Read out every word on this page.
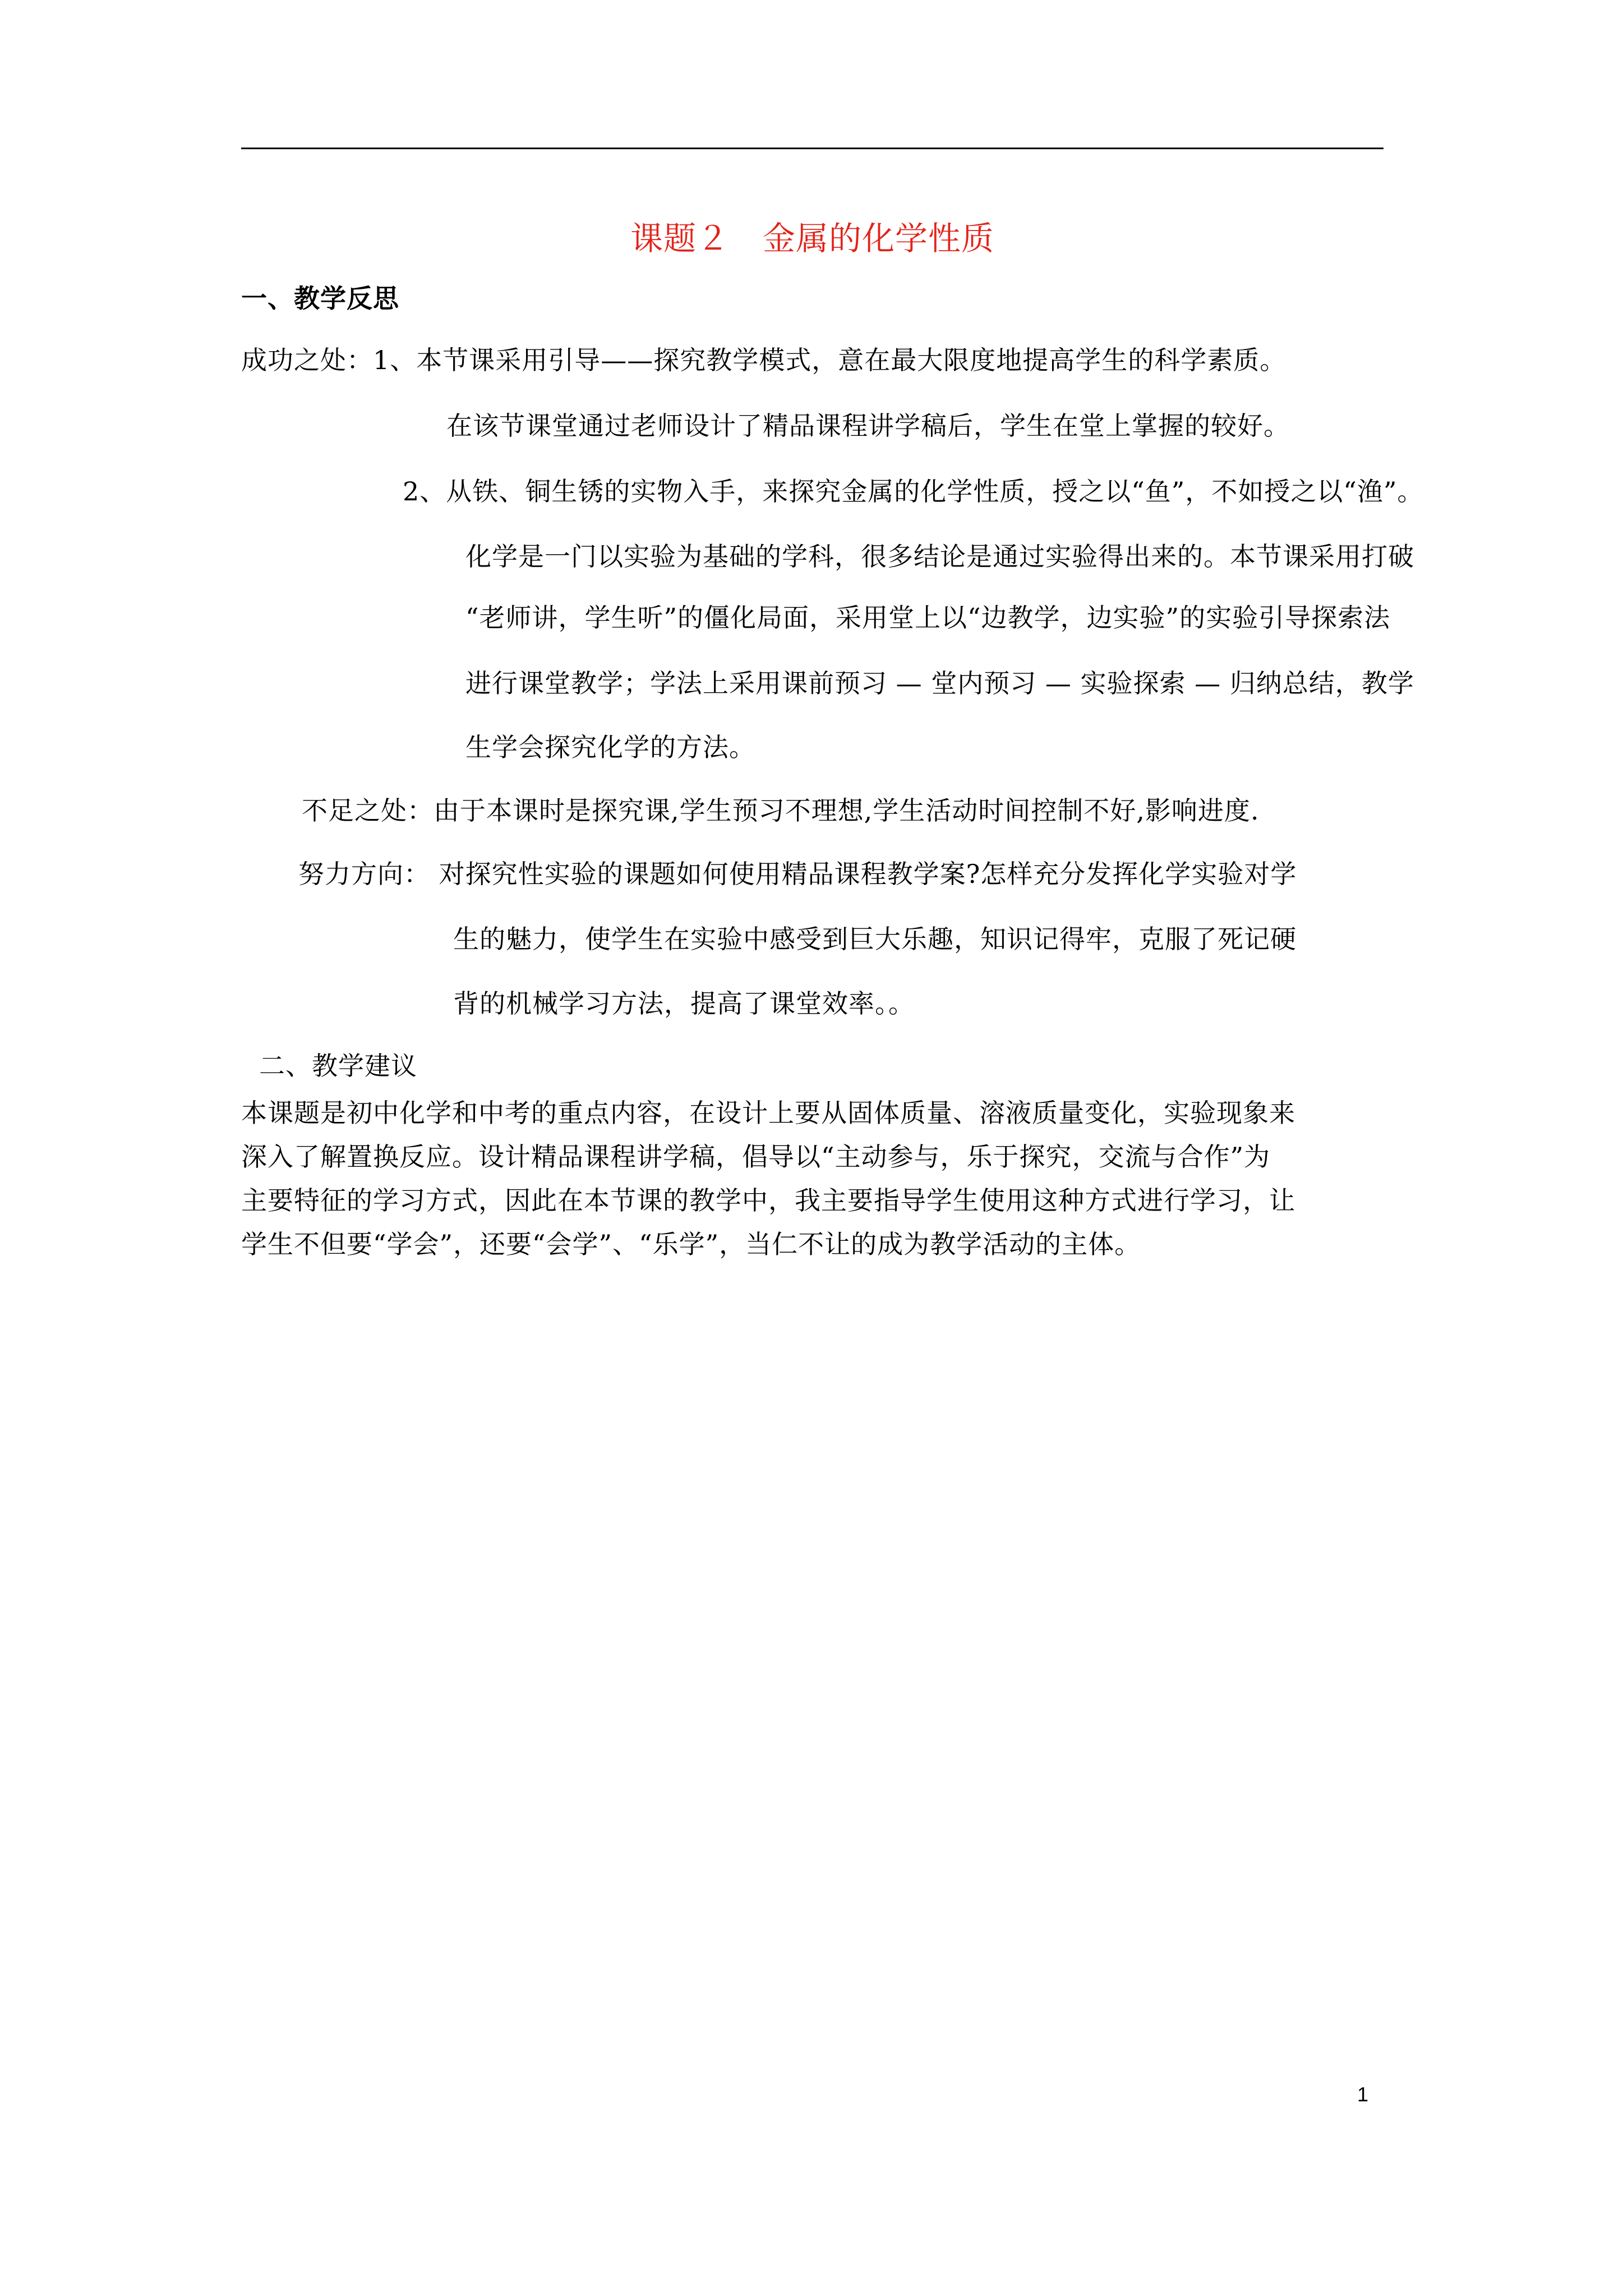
课题２　金属的化学性质
一、教学反思
成功之处：1、本节课采用引导——探究教学模式，意在最大限度地提高学生的科学素质。
在该节课堂通过老师设计了精品课程讲学稿后，学生在堂上掌握的较好。
2、从铁、铜生锈的实物入手，来探究金属的化学性质，授之以“鱼”，不如授之以“渔”。
化学是一门以实验为基础的学科，很多结论是通过实验得出来的。本节课采用打破
“老师讲，学生听”的僵化局面，采用堂上以“边教学，边实验”的实验引导探索法
进行课堂教学；学法上采用课前预习 — 堂内预习 — 实验探索 — 归纳总结，教学
生学会探究化学的方法。
不足之处：由于本课时是探究课,学生预习不理想,学生活动时间控制不好,影响进度.
努力方向： 对探究性实验的课题如何使用精品课程教学案?怎样充分发挥化学实验对学
生的魅力，使学生在实验中感受到巨大乐趣，知识记得牢，克服了死记硬
背的机械学习方法，提高了课堂效率。。
二、教学建议
本课题是初中化学和中考的重点内容，在设计上要从固体质量、溶液质量变化，实验现象来
深入了解置换反应。设计精品课程讲学稿，倡导以“主动参与，乐于探究，交流与合作”为
主要特征的学习方式，因此在本节课的教学中，我主要指导学生使用这种方式进行学习，让
学生不但要“学会”，还要“会学”、“乐学”，当仁不让的成为教学活动的主体。
1
